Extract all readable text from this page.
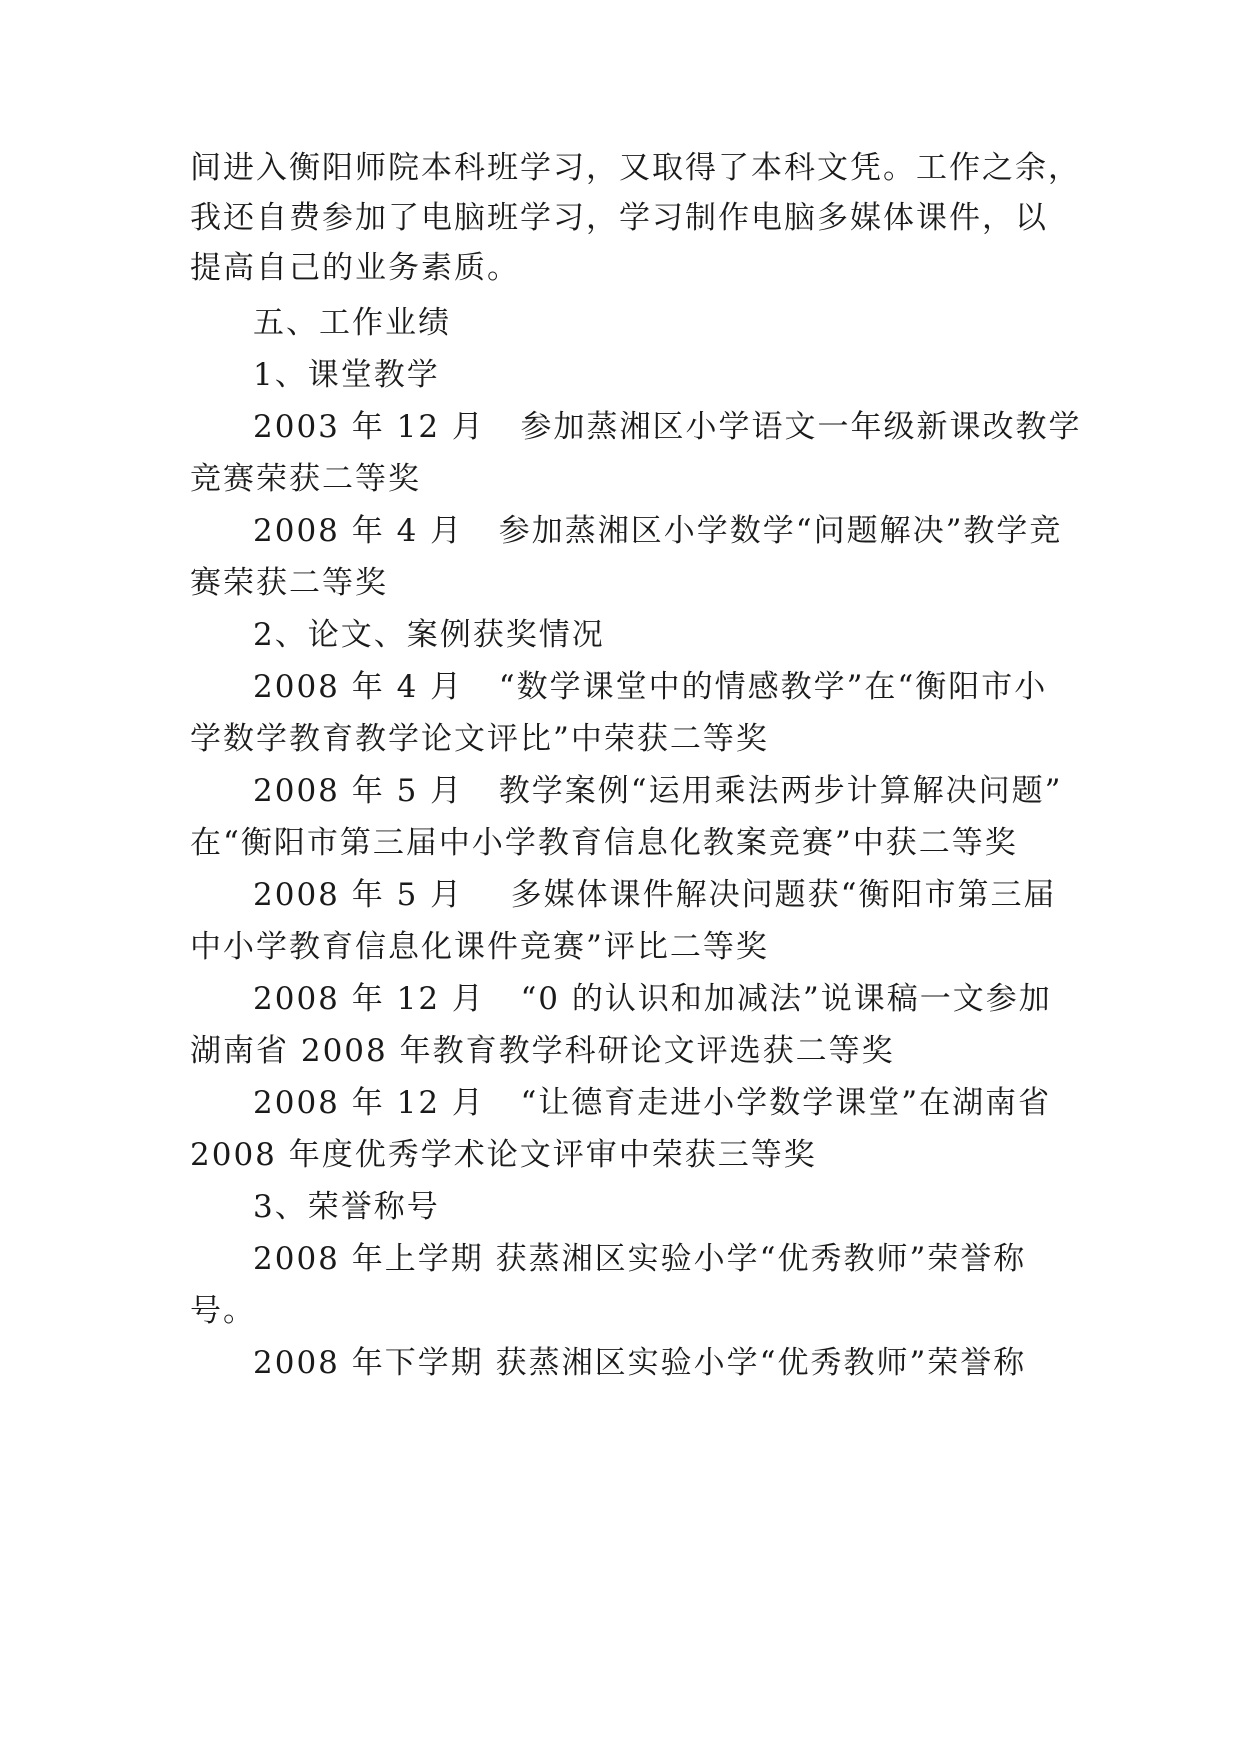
间进入衡阳师院本科班学习，又取得了本科文凭。工作之余，
我还自费参加了电脑班学习，学习制作电脑多媒体课件，以
提高自己的业务素质。
五、工作业绩
1、课堂教学
2003 年 12 月   参加蒸湘区小学语文一年级新课改教学
竞赛荣获二等奖
2008 年 4 月   参加蒸湘区小学数学“问题解决”教学竞
赛荣获二等奖
2、论文、案例获奖情况
2008 年 4 月   “数学课堂中的情感教学”在“衡阳市小
学数学教育教学论文评比”中荣获二等奖
2008 年 5 月   教学案例“运用乘法两步计算解决问题”
在“衡阳市第三届中小学教育信息化教案竞赛”中获二等奖
2008 年 5 月    多媒体课件解决问题获“衡阳市第三届
中小学教育信息化课件竞赛”评比二等奖
2008 年 12 月   “0 的认识和加减法”说课稿一文参加
湖南省 2008 年教育教学科研论文评选获二等奖
2008 年 12 月   “让德育走进小学数学课堂”在湖南省
2008 年度优秀学术论文评审中荣获三等奖
3、荣誉称号
2008 年上学期 获蒸湘区实验小学“优秀教师”荣誉称
号。
2008 年下学期 获蒸湘区实验小学“优秀教师”荣誉称
